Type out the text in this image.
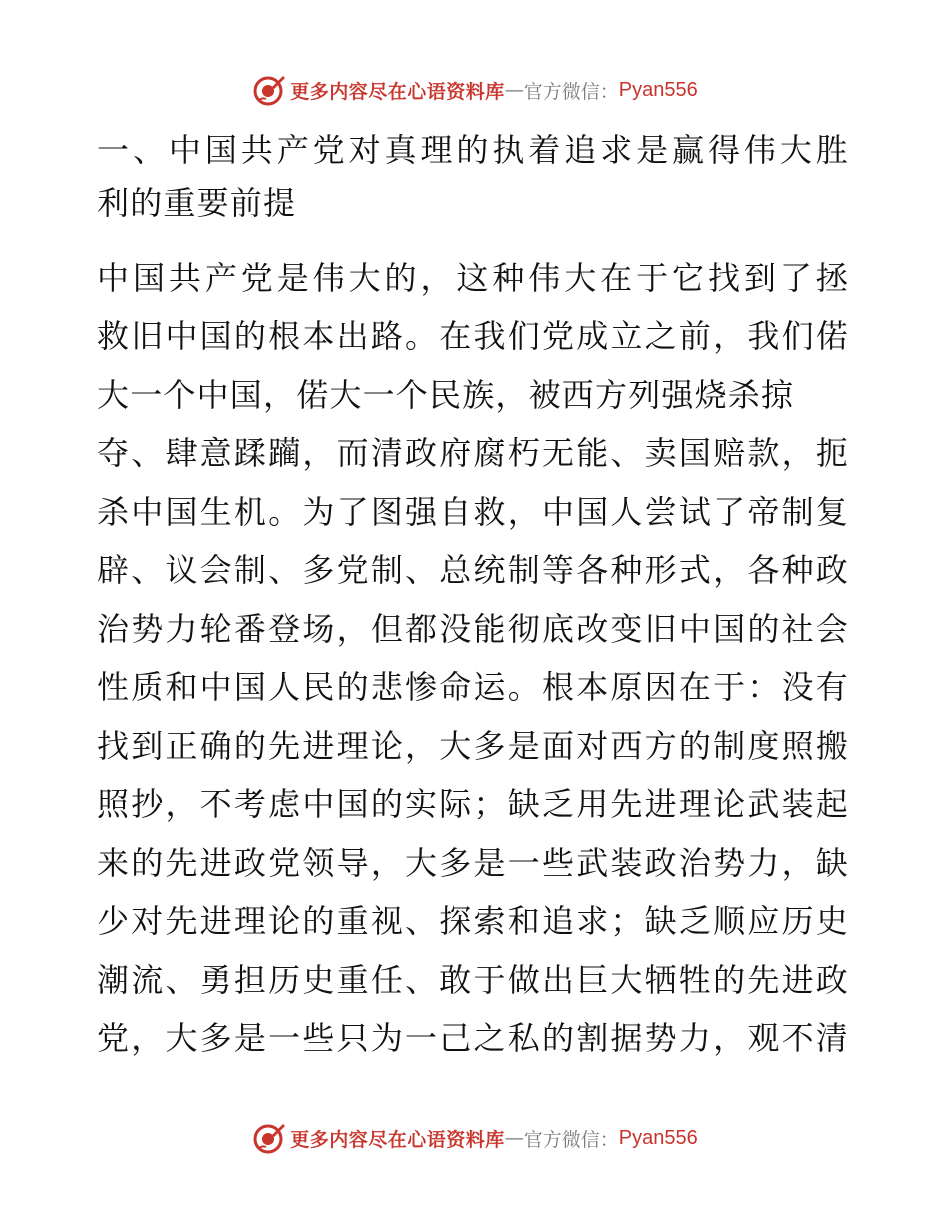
更多内容尽在心语资料库 — 官方微信： Pyan556
一、中国共产党对真理的执着追求是赢得伟大胜
利的重要前提
中国共产党是伟大的，这种伟大在于它找到了拯
救旧中国的根本出路。在我们党成立之前，我们偌
大一个中国，偌大一个民族，被西方列强烧杀掠
夺、肆意蹂躏，而清政府腐朽无能、卖国赔款，扼
杀中国生机。为了图强自救，中国人尝试了帝制复
辟、议会制、多党制、总统制等各种形式，各种政
治势力轮番登场，但都没能彻底改变旧中国的社会
性质和中国人民的悲惨命运。根本原因在于：没有
找到正确的先进理论，大多是面对西方的制度照搬
照抄，不考虑中国的实际；缺乏用先进理论武装起
来的先进政党领导，大多是一些武装政治势力，缺
少对先进理论的重视、探索和追求；缺乏顺应历史
潮流、勇担历史重任、敢于做出巨大牺牲的先进政
党，大多是一些只为一己之私的割据势力，观不清
更多内容尽在心语资料库 — 官方微信： Pyan556
